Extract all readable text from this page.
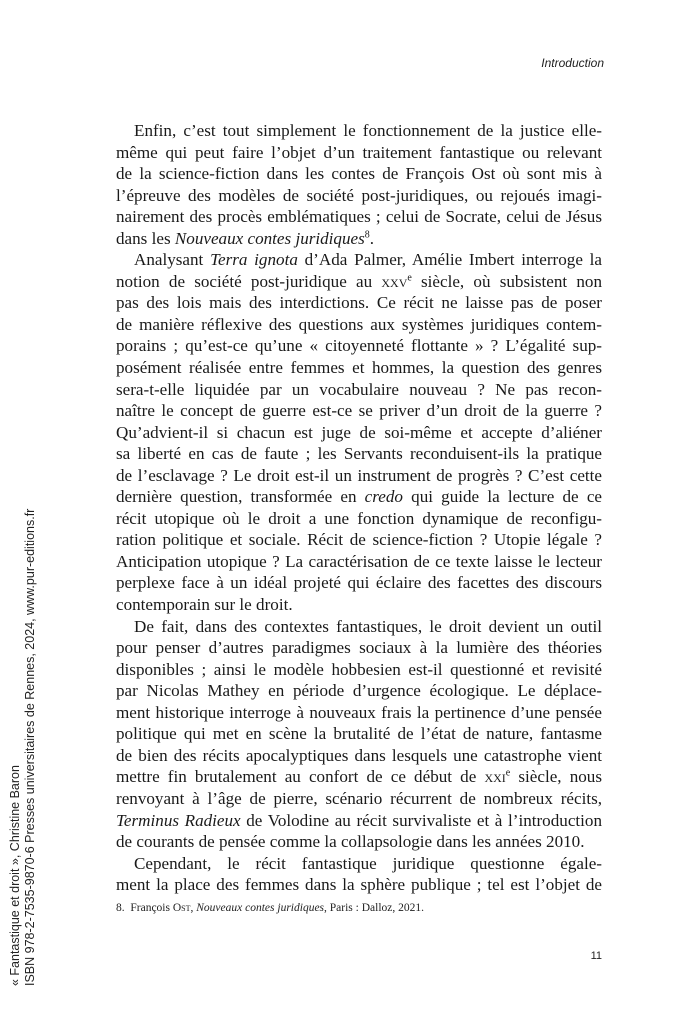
Introduction

Enfin, c’est tout simplement le fonctionnement de la justice elle-
même qui peut faire l’objet d’un traitement fantastique ou relevant
de la science-fiction dans les contes de François Ost où sont mis à
l’épreuve des modèles de société post-juridiques, ou rejoués imagi-
nairement des procès emblématiques ; celui de Socrate, celui de Jésus
dans les Nouveaux contes juridiques$^8$.

Analysant Terra ignota d’Ada Palmer, Amélie Imbert interroge la
notion de société post-juridique au xxv$^e$ siècle, où subsistent non
pas des lois mais des interdictions. Ce récit ne laisse pas de poser
de manière réflexive des questions aux systèmes juridiques contem-
porains ; qu’est-ce qu’une « citoyenneté flottante » ? L’égalité sup-
posément réalisée entre femmes et hommes, la question des genres
sera-t-elle liquidée par un vocabulaire nouveau ? Ne pas recon-
naître le concept de guerre est-ce se priver d’un droit de la guerre ?
Qu’advient-il si chacun est juge de soi-même et accepte d’aliéner
sa liberté en cas de faute ; les Servants reconduisent-ils la pratique
de l’esclavage ? Le droit est-il un instrument de progrès ? C’est cette
dernière question, transformée en credo qui guide la lecture de ce
récit utopique où le droit a une fonction dynamique de reconfigu-
ration politique et sociale. Récit de science-fiction ? Utopie légale ?
Anticipation utopique ? La caractérisation de ce texte laisse le lecteur
perplexe face à un idéal projeté qui éclaire des facettes des discours
contemporain sur le droit.

De fait, dans des contextes fantastiques, le droit devient un outil
pour penser d’autres paradigmes sociaux à la lumière des théories
disponibles ; ainsi le modèle hobbesien est-il questionné et revisité
par Nicolas Mathey en période d’urgence écologique. Le déplace-
ment historique interroge à nouveaux frais la pertinence d’une pensée
politique qui met en scène la brutalité de l’état de nature, fantasme
de bien des récits apocalyptiques dans lesquels une catastrophe vient
mettre fin brutalement au confort de ce début de xxi$^e$ siècle, nous
renvoyant à l’âge de pierre, scénario récurrent de nombreux récits,
Terminus Radieux de Volodine au récit survivaliste et à l’introduction
de courants de pensée comme la collapsologie dans les années 2010.

Cependant, le récit fantastique juridique questionne égale-
ment la place des femmes dans la sphère publique ; tel est l’objet de

8. François Ost, Nouveaux contes juridiques, Paris : Dalloz, 2021.
11
« Fantastique et droit », Christine Baron ISBN 978-2-7535-9870-6 Presses universitaires de Rennes, 2024, www.pur-editions.fr
